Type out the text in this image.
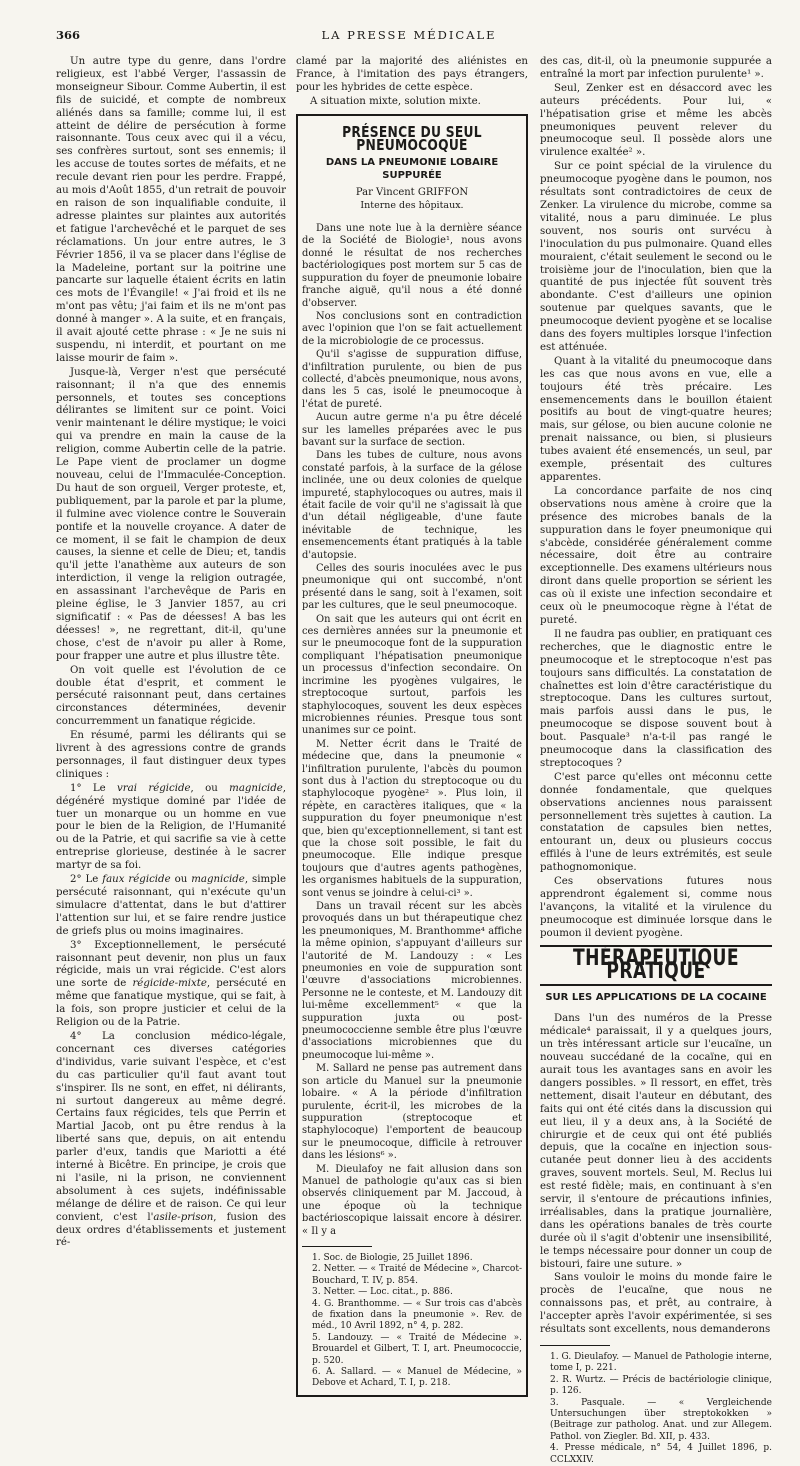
366	LA PRESSE MÉDICALE

Un autre type du genre, dans l'ordre religieux, est l'abbé Verger, l'assassin de monseigneur Sibour. Comme Aubertin, il est fils de suicidé, et compte de nombreux aliénés dans sa famille; comme lui, il est atteint de délire de persécution à forme raisonnante. Tous ceux avec qui il a vécu, ses confrères surtout, sont ses ennemis; il les accuse de toutes sortes de méfaits, et ne recule devant rien pour les perdre. Frappé, au mois d'Août 1855, d'un retrait de pouvoir en raison de son inqualifiable conduite, il adresse plaintes sur plaintes aux autorités et fatigue l'archevêché et le parquet de ses réclamations. Un jour entre autres, le 3 Février 1856, il va se placer dans l'église de la Madeleine, portant sur la poitrine une pancarte sur laquelle étaient écrits en latin ces mots de l'Évangile! « J'ai froid et ils ne m'ont pas vêtu; j'ai faim et ils ne m'ont pas donné à manger ». A la suite, et en français, il avait ajouté cette phrase : « Je ne suis ni suspendu, ni interdit, et pourtant on me laisse mourir de faim ».

Jusque-là, Verger n'est que persécuté raisonnant; il n'a que des ennemis personnels, et toutes ses conceptions délirantes se limitent sur ce point. Voici venir maintenant le délire mystique; le voici qui va prendre en main la cause de la religion, comme Aubertin celle de la patrie. Le Pape vient de proclamer un dogme nouveau, celui de l'Immaculée-Conception. Du haut de son orgueil, Verger proteste, et, publiquement, par la parole et par la plume, il fulmine avec violence contre le Souverain pontife et la nouvelle croyance. A dater de ce moment, il se fait le champion de deux causes, la sienne et celle de Dieu; et, tandis qu'il jette l'anathème aux auteurs de son interdiction, il venge la religion outragée, en assassinant l'archevêque de Paris en pleine église, le 3 Janvier 1857, au cri significatif : « Pas de déesses! A bas les déesses! », ne regrettant, dit-il, qu'une chose, c'est de n'avoir pu aller à Rome, pour frapper une autre et plus illustre tête.

On voit quelle est l'évolution de ce double état d'esprit, et comment le persécuté raisonnant peut, dans certaines circonstances déterminées, devenir concurremment un fanatique régicide.

En résumé, parmi les délirants qui se livrent à des agressions contre de grands personnages, il faut distinguer deux types cliniques :

1° Le vrai régicide, ou magnicide, dégénéré mystique dominé par l'idée de tuer un monarque ou un homme en vue pour le bien de la Religion, de l'Humanité ou de la Patrie, et qui sacrifie sa vie à cette entreprise glorieuse, destinée à le sacrer martyr de sa foi.

2° Le faux régicide ou magnicide, simple persécuté raisonnant, qui n'exécute qu'un simulacre d'attentat, dans le but d'attirer l'attention sur lui, et se faire rendre justice de griefs plus ou moins imaginaires.

3° Exceptionnellement, le persécuté raisonnant peut devenir, non plus un faux régicide, mais un vrai régicide. C'est alors une sorte de régicide-mixte, persécuté en même que fanatique mystique, qui se fait, à la fois, son propre justicier et celui de la Religion ou de la Patrie.

4° La conclusion médico-légale, concernant ces diverses catégories d'individus, varie suivant l'espèce, et c'est du cas particulier qu'il faut avant tout s'inspirer. Ils ne sont, en effet, ni délirants, ni surtout dangereux au même degré. Certains faux régicides, tels que Perrin et Martial Jacob, ont pu être rendus à la liberté sans que, depuis, on ait entendu parler d'eux, tandis que Mariotti a été interné à Bicêtre. En principe, je crois que ni l'asile, ni la prison, ne conviennent absolument à ces sujets, indéfinissable mélange de délire et de raison. Ce qui leur convient, c'est l'asile-prison, fusion des deux ordres d'établissements et justement ré-

clamé par la majorité des aliénistes en France, à l'imitation des pays étrangers, pour les hybrides de cette espèce.

A situation mixte, solution mixte.

PRÉSENCE DU SEUL PNEUMOCOQUE
DANS LA PNEUMONIE LOBAIRE SUPPURÉE
Par Vincent GRIFFON
Interne des hôpitaux.

Dans une note lue à la dernière séance de la Société de Biologie¹, nous avons donné le résultat de nos recherches bactériologiques post mortem sur 5 cas de suppuration du foyer de pneumonie lobaire franche aiguë, qu'il nous a été donné d'observer.

Nos conclusions sont en contradiction avec l'opinion que l'on se fait actuellement de la microbiologie de ce processus.

Qu'il s'agisse de suppuration diffuse, d'infiltration purulente, ou bien de pus collecté, d'abcès pneumonique, nous avons, dans les 5 cas, isolé le pneumocoque à l'état de pureté.

Aucun autre germe n'a pu être décelé sur les lamelles préparées avec le pus bavant sur la surface de section.

Dans les tubes de culture, nous avons constaté parfois, à la surface de la gélose inclinée, une ou deux colonies de quelque impureté, staphylocoques ou autres, mais il était facile de voir qu'il ne s'agissait là que d'un détail négligeable, d'une faute inévitable de technique, les ensemencements étant pratiqués à la table d'autopsie.

Celles des souris inoculées avec le pus pneumonique qui ont succombé, n'ont présenté dans le sang, soit à l'examen, soit par les cultures, que le seul pneumocoque.

On sait que les auteurs qui ont écrit en ces dernières années sur la pneumonie et sur le pneumocoque font de la suppuration compliquant l'hépatisation pneumonique un processus d'infection secondaire. On incrimine les pyogènes vulgaires, le streptocoque surtout, parfois les staphylocoques, souvent les deux espèces microbiennes réunies. Presque tous sont unanimes sur ce point.

M. Netter écrit dans le Traité de médecine que, dans la pneumonie « l'infiltration purulente, l'abcès du poumon sont dus à l'action du streptocoque ou du staphylocoque pyogène² ». Plus loin, il répète, en caractères italiques, que « la suppuration du foyer pneumonique n'est que, bien qu'exceptionnellement, si tant est que la chose soit possible, le fait du pneumocoque. Elle indique presque toujours que d'autres agents pathogènes, les organismes habituels de la suppuration, sont venus se joindre à celui-ci³ ».

Dans un travail récent sur les abcès provoqués dans un but thérapeutique chez les pneumoniques, M. Branthomme⁴ affiche la même opinion, s'appuyant d'ailleurs sur l'autorité de M. Landouzy : « Les pneumonies en voie de suppuration sont l'œuvre d'associations microbiennes. Personne ne le conteste, et M. Landouzy dit lui-même excellemment⁵ « que la suppuration juxta ou post-pneumococcienne semble être plus l'œuvre d'associations microbiennes que du pneumocoque lui-même ».

M. Sallard ne pense pas autrement dans son article du Manuel sur la pneumonie lobaire. « A la période d'infiltration purulente, écrit-il, les microbes de la suppuration (streptocoque et staphylocoque) l'emportent de beaucoup sur le pneumocoque, difficile à retrouver dans les lésions⁶ ».

M. Dieulafoy ne fait allusion dans son Manuel de pathologie qu'aux cas si bien observés cliniquement par M. Jaccoud, à une époque où la technique bactérioscopique laissait encore à désirer. « Il y a

1. Soc. de Biologie, 25 Juillet 1896.
2. Netter. — « Traité de Médecine », Charcot-Bouchard, T. IV, p. 854.
3. Netter. — Loc. citat., p. 886.
4. G. Branthomme. — « Sur trois cas d'abcès de fixation dans la pneumonie ». Rev. de méd., 10 Avril 1892, n° 4, p. 282.
5. Landouzy. — « Traité de Médecine ». Brouardel et Gilbert, T. I, art. Pneumococcie, p. 520.
6. A. Sallard. — « Manuel de Médecine, » Debove et Achard, T. I, p. 218.

des cas, dit-il, où la pneumonie suppurée a entraîné la mort par infection purulente¹ ».

Seul, Zenker est en désaccord avec les auteurs précédents. Pour lui, « l'hépatisation grise et même les abcès pneumoniques peuvent relever du pneumocoque seul. Il possède alors une virulence exaltée² ».

Sur ce point spécial de la virulence du pneumocoque pyogène dans le poumon, nos résultats sont contradictoires de ceux de Zenker. La virulence du microbe, comme sa vitalité, nous a paru diminuée. Le plus souvent, nos souris ont survécu à l'inoculation du pus pulmonaire. Quand elles mouraient, c'était seulement le second ou le troisième jour de l'inoculation, bien que la quantité de pus injectée fût souvent très abondante. C'est d'ailleurs une opinion soutenue par quelques savants, que le pneumocoque devient pyogène et se localise dans des foyers multiples lorsque l'infection est atténuée.

Quant à la vitalité du pneumocoque dans les cas que nous avons en vue, elle a toujours été très précaire. Les ensemencements dans le bouillon étaient positifs au bout de vingt-quatre heures; mais, sur gélose, ou bien aucune colonie ne prenait naissance, ou bien, si plusieurs tubes avaient été ensemencés, un seul, par exemple, présentait des cultures apparentes.

La concordance parfaite de nos cinq observations nous amène à croire que la présence des microbes banals de la suppuration dans le foyer pneumonique qui s'abcède, considérée généralement comme nécessaire, doit être au contraire exceptionnelle. Des examens ultérieurs nous diront dans quelle proportion se sérient les cas où il existe une infection secondaire et ceux où le pneumocoque règne à l'état de pureté.

Il ne faudra pas oublier, en pratiquant ces recherches, que le diagnostic entre le pneumocoque et le streptocoque n'est pas toujours sans difficultés. La constatation de chaînettes est loin d'être caractéristique du streptocoque. Dans les cultures surtout, mais parfois aussi dans le pus, le pneumocoque se dispose souvent bout à bout. Pasquale³ n'a-t-il pas rangé le pneumocoque dans la classification des streptocoques ?

C'est parce qu'elles ont méconnu cette donnée fondamentale, que quelques observations anciennes nous paraissent personnellement très sujettes à caution. La constatation de capsules bien nettes, entourant un, deux ou plusieurs coccus effilés à l'une de leurs extrémités, est seule pathognomonique.

Ces observations futures nous apprendront également si, comme nous l'avançons, la vitalité et la virulence du pneumocoque est diminuée lorsque dans le poumon il devient pyogène.

THÉRAPEUTIQUE PRATIQUE
SUR LES APPLICATIONS DE LA COCAINE

Dans l'un des numéros de la Presse médicale⁴ paraissait, il y a quelques jours, un très intéressant article sur l'eucaïne, un nouveau succédané de la cocaïne, qui en aurait tous les avantages sans en avoir les dangers possibles. » Il ressort, en effet, très nettement, disait l'auteur en débutant, des faits qui ont été cités dans la discussion qui eut lieu, il y a deux ans, à la Société de chirurgie et de ceux qui ont été publiés depuis, que la cocaïne en injection sous-cutanée peut donner lieu à des accidents graves, souvent mortels. Seul, M. Reclus lui est resté fidèle; mais, en continuant à s'en servir, il s'entoure de précautions infinies, irréalisables, dans la pratique journalière, dans les opérations banales de très courte durée où il s'agit d'obtenir une insensibilité, le temps nécessaire pour donner un coup de bistouri, faire une suture. »

Sans vouloir le moins du monde faire le procès de l'eucaïne, que nous ne connaissons pas, et prêt, au contraire, à l'accepter après l'avoir expérimentée, si ses résultats sont excellents, nous demanderons

1. G. Dieulafoy. — Manuel de Pathologie interne, tome I, p. 221.
2. R. Wurtz. — Précis de bactériologie clinique, p. 126.
3. Pasquale. — « Vergleichende Untersuchungen über streptokokken » (Beitrage zur patholog. Anat. und zur Allegem. Pathol. von Ziegler. Bd. XII, p. 433.
4. Presse médicale, n° 54, 4 Juillet 1896, p. CCLXXIV.
